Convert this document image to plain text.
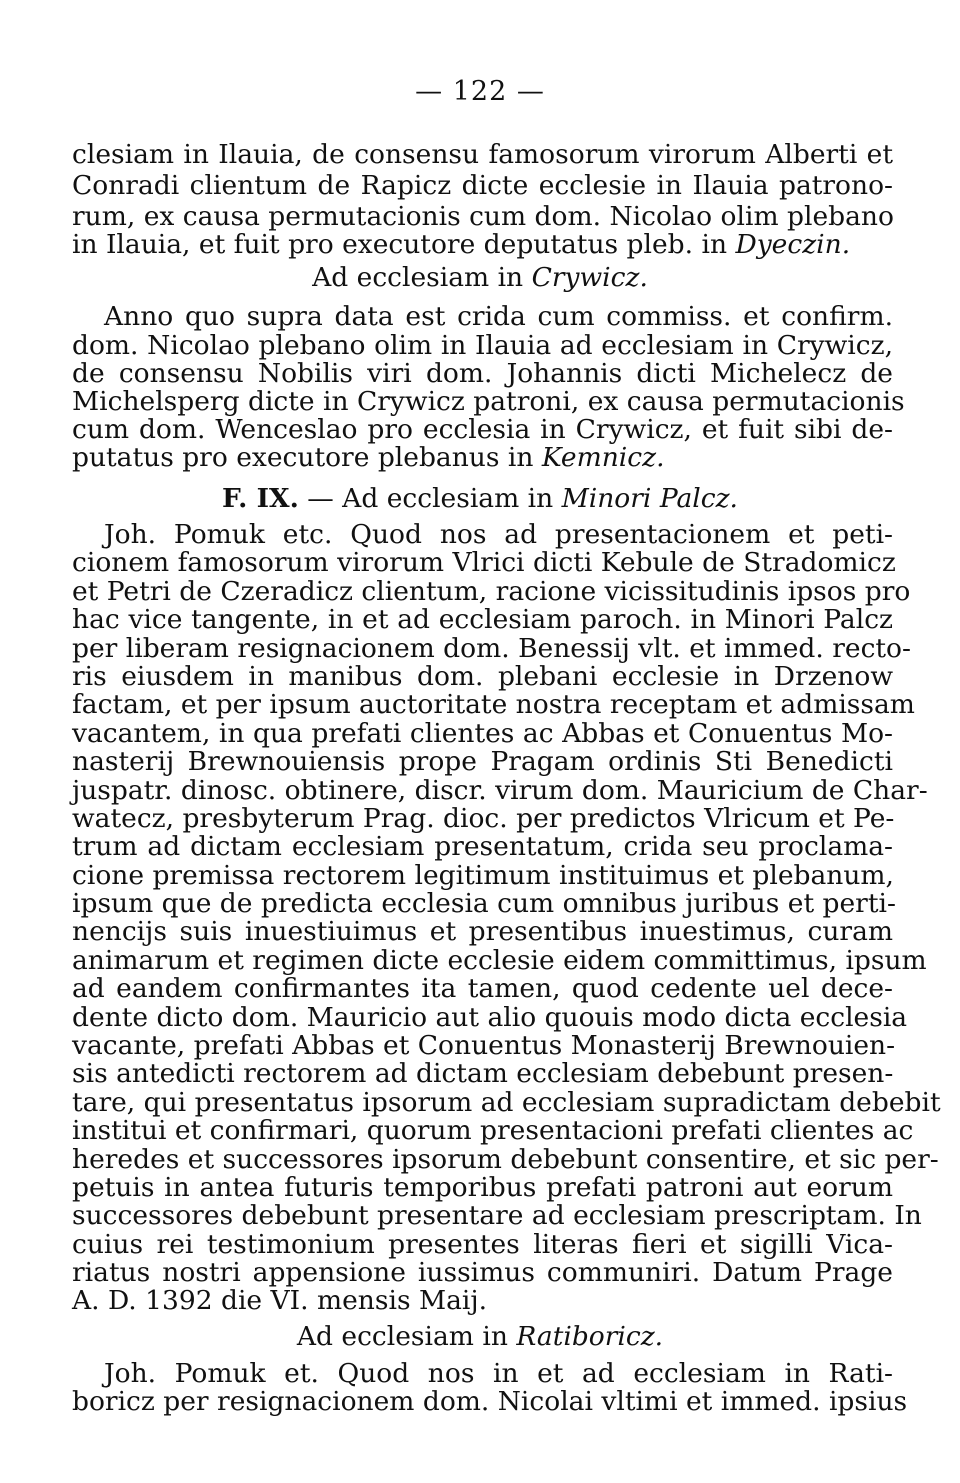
— 122 —
clesiam in Ilauia, de consensu famosorum virorum Alberti et
Conradi clientum de Rapicz dicte ecclesie in Ilauia patrono-
rum, ex causa permutacionis cum dom. Nicolao olim plebano
in Ilauia, et fuit pro executore deputatus pleb. in Dyeczin.
Ad ecclesiam in Crywicz.
Anno quo supra data est crida cum commiss. et confirm.
dom. Nicolao plebano olim in Ilauia ad ecclesiam in Crywicz,
de consensu Nobilis viri dom. Johannis dicti Michelecz de
Michelsperg dicte in Crywicz patroni, ex causa permutacionis
cum dom. Wenceslao pro ecclesia in Crywicz, et fuit sibi de-
putatus pro executore plebanus in Kemnicz.
F. IX. — Ad ecclesiam in Minori Palcz.
Joh. Pomuk etc. Quod nos ad presentacionem et peti-
cionem famosorum virorum Vlrici dicti Kebule de Stradomicz
et Petri de Czeradicz clientum, racione vicissitudinis ipsos pro
hac vice tangente, in et ad ecclesiam paroch. in Minori Palcz
per liberam resignacionem dom. Benessij vlt. et immed. recto-
ris eiusdem in manibus dom. plebani ecclesie in Drzenow
factam, et per ipsum auctoritate nostra receptam et admissam
vacantem, in qua prefati clientes ac Abbas et Conuentus Mo-
nasterij Brewnouiensis prope Pragam ordinis Sti Benedicti
juspatr. dinosc. obtinere, discr. virum dom. Mauricium de Char-
watecz, presbyterum Prag. dioc. per predictos Vlricum et Pe-
trum ad dictam ecclesiam presentatum, crida seu proclama-
cione premissa rectorem legitimum instituimus et plebanum,
ipsum que de predicta ecclesia cum omnibus juribus et perti-
nencijs suis inuestiuimus et presentibus inuestimus, curam
animarum et regimen dicte ecclesie eidem committimus, ipsum
ad eandem confirmantes ita tamen, quod cedente uel dece-
dente dicto dom. Mauricio aut alio quouis modo dicta ecclesia
vacante, prefati Abbas et Conuentus Monasterij Brewnouien-
sis antedicti rectorem ad dictam ecclesiam debebunt presen-
tare, qui presentatus ipsorum ad ecclesiam supradictam debebit
institui et confirmari, quorum presentacioni prefati clientes ac
heredes et successores ipsorum debebunt consentire, et sic per-
petuis in antea futuris temporibus prefati patroni aut eorum
successores debebunt presentare ad ecclesiam prescriptam. In
cuius rei testimonium presentes literas fieri et sigilli Vica-
riatus nostri appensione iussimus communiri. Datum Prage
A. D. 1392 die VI. mensis Maij.
Ad ecclesiam in Ratiboricz.
Joh. Pomuk et. Quod nos in et ad ecclesiam in Rati-
boricz per resignacionem dom. Nicolai vltimi et immed. ipsius
